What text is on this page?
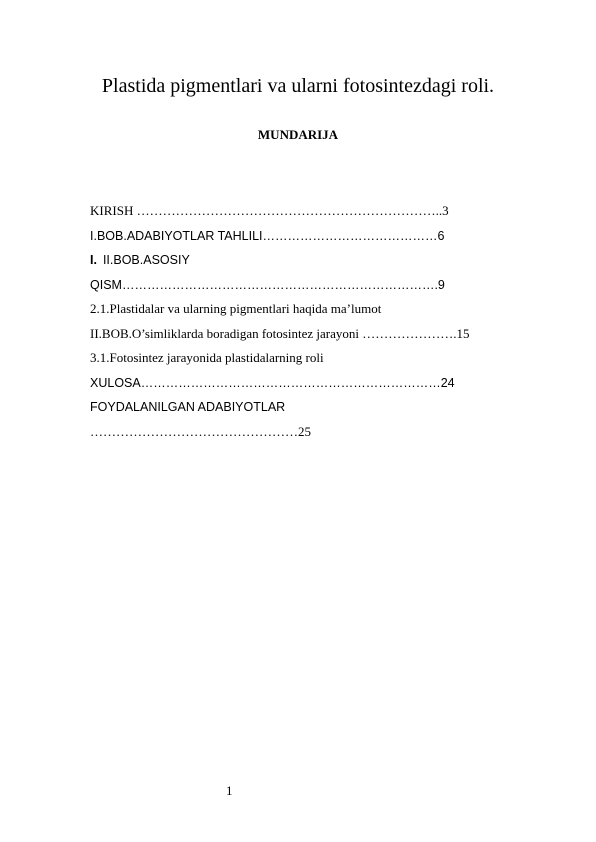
Plastida pigmentlari va ularni fotosintezdagi roli.
MUNDARIJA
KIRISH ……………………………………………………………..3
I.BOB.ADABIYOTLAR TAHLILI……………………………………6
I. II.BOB.ASOSIY
QISM………………………………………………………………….9
2.1.Plastidalar va ularning pigmentlari haqida ma’lumot
II.BOB.O’simliklarda boradigan fotosintez jarayoni ………………….15
3.1.Fotosintez jarayonida plastidalarning roli
XULOSA………………………………………………………………24
FOYDALANILGAN ADABIYOTLAR
…………………………………………25
1
